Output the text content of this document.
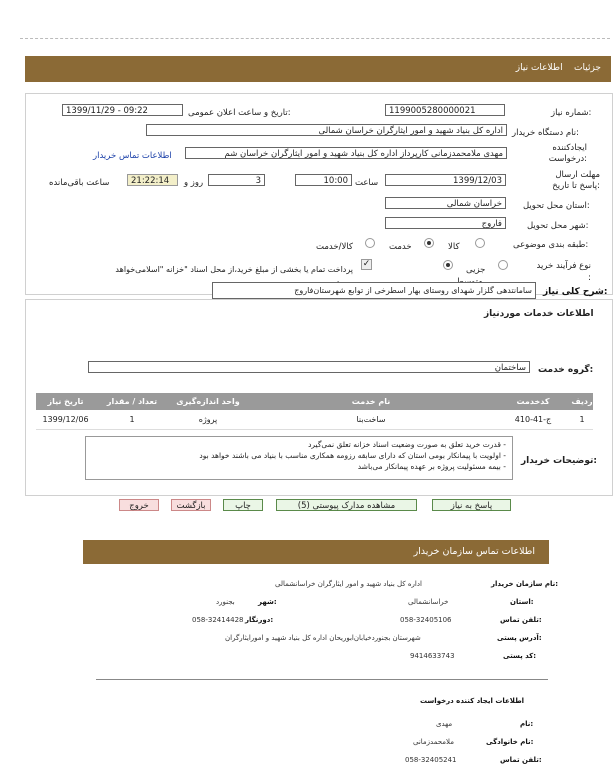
جزئیات    اطلاعات نیاز
شماره نیاز:
1199005280000021
تاریخ و ساعت اعلان عمومی:
1399/11/29 - 09:22
نام دستگاه خریدار:
اداره کل بنیاد شهید و امور ایثارگران خراسان شمالی
ایجادکننده درخواست:
مهدی ملامحمدزمانی کارپرداز اداره کل بنیاد شهید و امور ایثارگران خراسان شم
اطلاعات تماس خریدار
مهلت ارسال پاسخ تا تاریخ:
1399/12/03
ساعت
10:00
3
روز و
21:22:14
ساعت باقی‌مانده
استان محل تحویل:
خراسان شمالی
شهر محل تحویل:
فاروج
طبقه بندی موضوعی:
کالا
خدمت
کالا/خدمت
نوع فرآیند خرید :
جزیی
✓
پرداخت تمام یا بخشی از مبلغ خرید،از محل اسناد "خزانه "اسلامی‌خواهد
شرح کلی نیاز:
سامانتدهی گلزار شهدای روستای بهار اسطرخی از توابع شهرستان‌فاروج
اطلاعات خدمات مورد‌نیاز
گروه خدمت:
ساختمان
ردیف	کدخدمت	نام خدمت	واحد اندازه‌گیری	تعداد / مقدار	تاریخ نیاز
1	ج-41-410	ساخت‌بنا	پروژه	1	1399/12/06
توضیحات خریدار:
- قدرت خرید تعلق به صورت وضعیت اسناد خزانه تعلق نمی‌گیرد
- اولویت با پیمانکار بومی استان که دارای سابقه رزومه همکاری مناسب با بنیاد می باشند خواهد بود
- بیمه مسئولیت پروژه بر عهده پیمانکار می‌باشد
پاسخ به نیاز
مشاهده مدارک پیوستی (5)
چاپ
بازگشت
خروج
اطلاعات تماس سازمان خریدار
نام سازمان خریدار:
اداره کل بنیاد شهید و امور ایثارگران خراسانشمالی
استان:
خراسانشمالی
شهر:
بجنورد
تلفن تماس:
058-32405106
دورنگار:
058-32414428
آدرس پستی:
شهرستان بجنوردخیابان‌ابوریحان اداره کل بنیاد شهید و امورایثارگران
کد پستی:
9414633743
اطلاعات ایجاد کننده درخواست
نام:
مهدی
نام خانوادگی:
ملامحمدزمانی
تلفن تماس:
058-32405241
